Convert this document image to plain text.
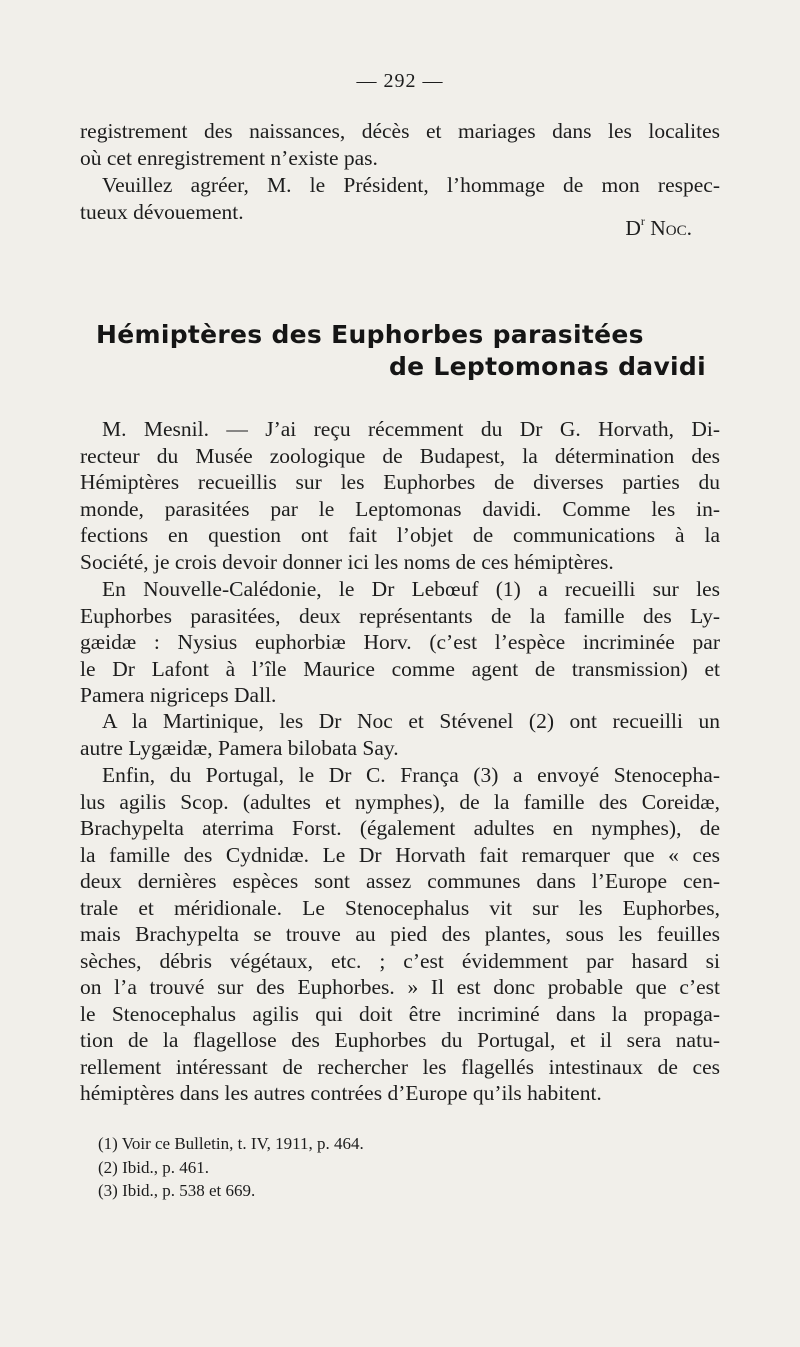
— 292 —
registrement des naissances, décès et mariages dans les localites
où cet enregistrement n’existe pas.
Veuillez agréer, M. le Président, l’hommage de mon respec-
tueux dévouement.
$D^r$ Noc.
Hémiptères des Euphorbes parasitées
de Leptomonas davidi
M. Mesnil. — J’ai reçu récemment du Dr G. Horvath, Di-
recteur du Musée zoologique de Budapest, la détermination des
Hémiptères recueillis sur les Euphorbes de diverses parties du
monde, parasitées par le Leptomonas davidi. Comme les in-
fections en question ont fait l’objet de communications à la
Société, je crois devoir donner ici les noms de ces hémiptères.
En Nouvelle-Calédonie, le Dr Lebœuf (1) a recueilli sur les
Euphorbes parasitées, deux représentants de la famille des Ly-
gæidæ : Nysius euphorbiæ Horv. (c’est l’espèce incriminée par
le Dr Lafont à l’île Maurice comme agent de transmission) et
Pamera nigriceps Dall.
A la Martinique, les Dr Noc et Stévenel (2) ont recueilli un
autre Lygæidæ, Pamera bilobata Say.
Enfin, du Portugal, le Dr C. França (3) a envoyé Stenocepha-
lus agilis Scop. (adultes et nymphes), de la famille des Coreidæ,
Brachypelta aterrima Forst. (également adultes en nymphes), de
la famille des Cydnidæ. Le Dr Horvath fait remarquer que « ces
deux dernières espèces sont assez communes dans l’Europe cen-
trale et méridionale. Le Stenocephalus vit sur les Euphorbes,
mais Brachypelta se trouve au pied des plantes, sous les feuilles
sèches, débris végétaux, etc. ; c’est évidemment par hasard si
on l’a trouvé sur des Euphorbes. » Il est donc probable que c’est
le Stenocephalus agilis qui doit être incriminé dans la propaga-
tion de la flagellose des Euphorbes du Portugal, et il sera natu-
rellement intéressant de rechercher les flagellés intestinaux de ces
hémiptères dans les autres contrées d’Europe qu’ils habitent.
(1) Voir ce Bulletin, t. IV, 1911, p. 464.
(2) Ibid., p. 461.
(3) Ibid., p. 538 et 669.
